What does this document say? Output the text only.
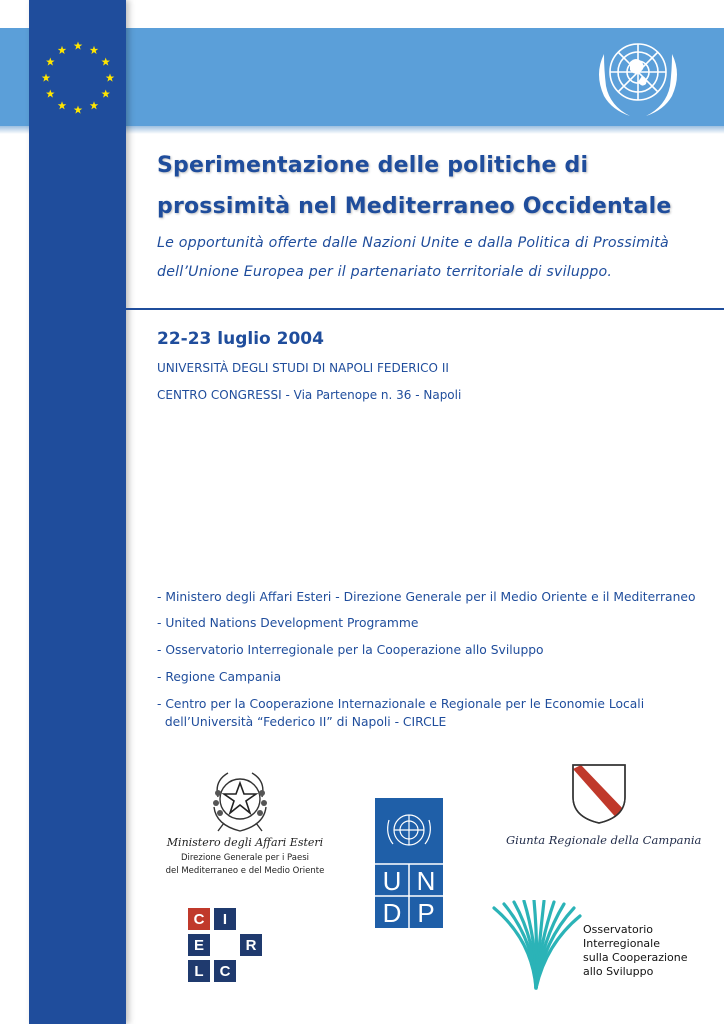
Sperimentazione delle politiche di
prossimità nel Mediterraneo Occidentale
Le opportunità offerte dalle Nazioni Unite e dalla Politica di Prossimità
dell’Unione Europea per il partenariato territoriale di sviluppo.
22-23 luglio 2004
UNIVERSITÀ DEGLI STUDI DI NAPOLI FEDERICO II
CENTRO CONGRESSI - Via Partenope n. 36 - Napoli
- Ministero degli Affari Esteri - Direzione Generale per il Medio Oriente e il Mediterraneo
- United Nations Development Programme
- Osservatorio Interregionale per la Cooperazione allo Sviluppo
- Regione Campania
- Centro per la Cooperazione Internazionale e Regionale per le Economie Locali
dell’Università “Federico II” di Napoli - CIRCLE
Ministero degli Affari Esteri
Direzione Generale per i Paesi
del Mediterraneo e del Medio Oriente	U N
D P
Giunta Regionale della Campania
C I
E	R
L C
Osservatorio
Interregionale
sulla Cooperazione
allo Sviluppo
